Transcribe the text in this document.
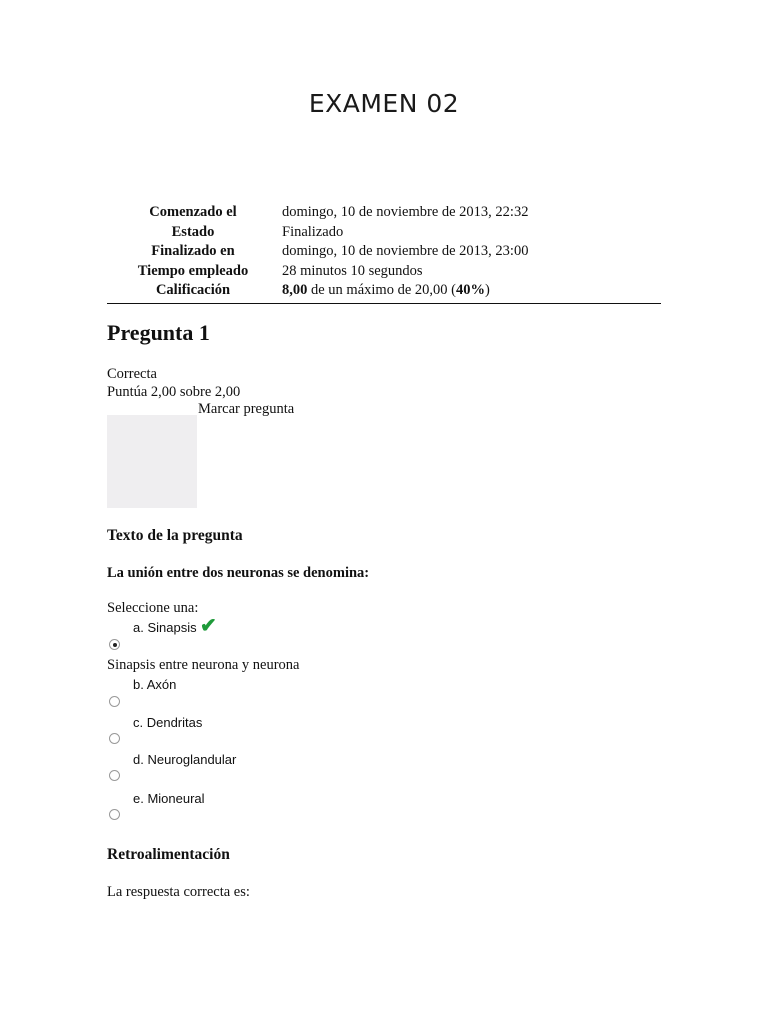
EXAMEN 02
Comenzado el	domingo, 10 de noviembre de 2013, 22:32
Estado	Finalizado
Finalizado en	domingo, 10 de noviembre de 2013, 23:00
Tiempo empleado	28 minutos 10 segundos
Calificación	8,00 de un máximo de 20,00 (40%)
Pregunta 1
Correcta
Puntúa 2,00 sobre 2,00
Marcar pregunta
Texto de la pregunta
La unión entre dos neuronas se denomina:
Seleccione una:
a. Sinapsis ✔
Sinapsis entre neurona y neurona
b. Axón
c. Dendritas
d. Neuroglandular
e. Mioneural
Retroalimentación
La respuesta correcta es:
